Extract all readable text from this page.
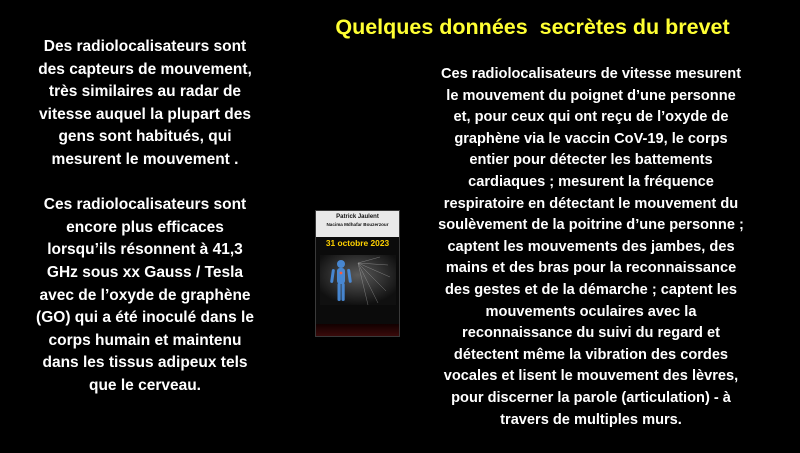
Quelques données  secrètes du brevet

Des radiolocalisateurs sont
des capteurs de mouvement,
très similaires au radar de
vitesse auquel la plupart des
gens sont habitués, qui
mesurent le mouvement .

Ces radiolocalisateurs sont
encore plus efficaces
lorsqu’ils résonnent à 41,3
GHz sous xx Gauss / Tesla
avec de l’oxyde de graphène
(GO) qui a été inoculé dans le
corps humain et maintenu
dans les tissus adipeux tels
que le cerveau.

Patrick Jaulent
Nacima Mdhafar Bouzerzour
31 octobre 2023

Ces radiolocalisateurs de vitesse mesurent
le mouvement du poignet d’une personne
et, pour ceux qui ont reçu de l’oxyde de
graphène via le vaccin CoV-19, le corps
entier pour détecter les battements
cardiaques ; mesurent la fréquence
respiratoire en détectant le mouvement du
soulèvement de la poitrine d’une personne ;
captent les mouvements des jambes, des
mains et des bras pour la reconnaissance
des gestes et de la démarche ; captent les
mouvements oculaires avec la
reconnaissance du suivi du regard et
détectent même la vibration des cordes
vocales et lisent le mouvement des lèvres,
pour discerner la parole (articulation) - à
travers de multiples murs.
